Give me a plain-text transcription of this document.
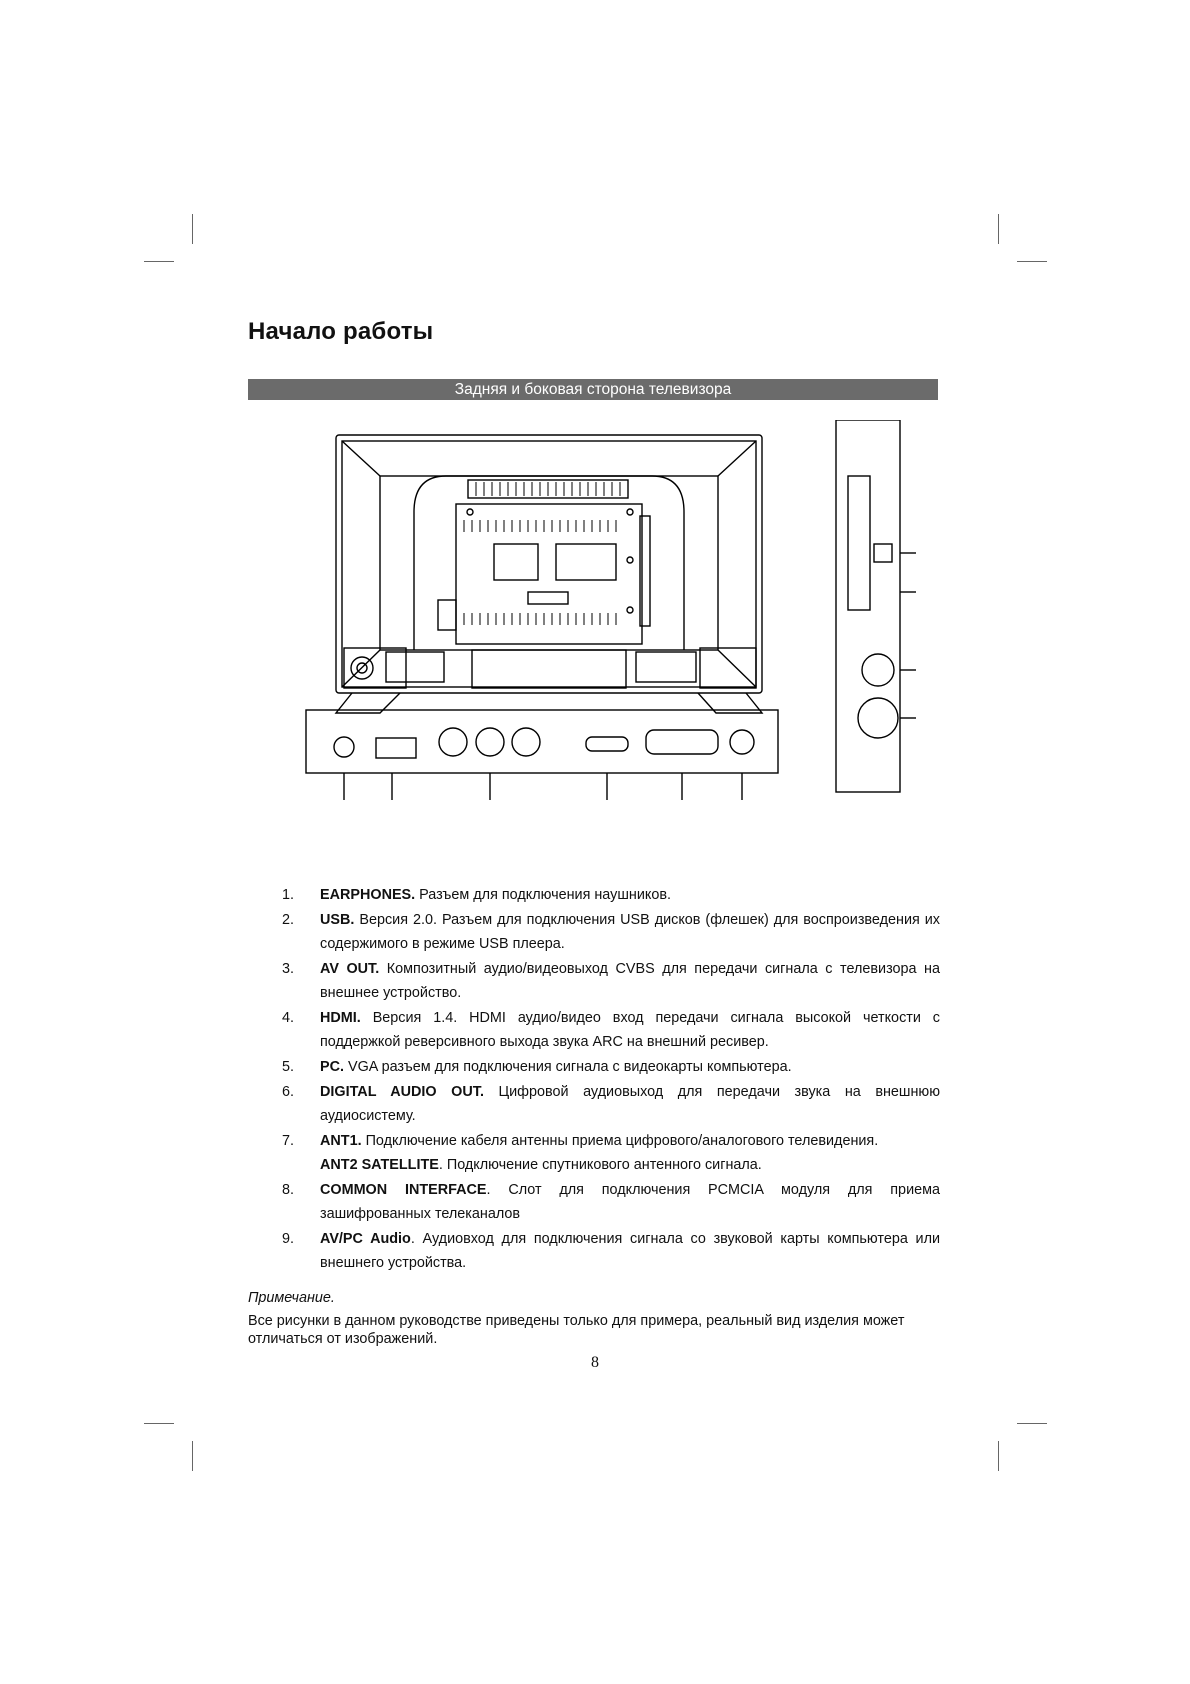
Начало работы
Задняя и боковая сторона телевизора
1. EARPHONES. Разъем для подключения наушников.
2. USB. Версия 2.0. Разъем для подключения USB дисков (флешек) для воспроизведения их содержимого в режиме USB плеера.
3. AV OUT. Композитный аудио/видеовыход CVBS для передачи сигнала с телевизора на внешнее устройство.
4. HDMI. Версия 1.4. HDMI аудио/видео вход передачи сигнала высокой четкости с поддержкой реверсивного выхода звука ARC на внешний ресивер.
5. PC. VGA разъем для подключения сигнала с видеокарты компьютера.
6. DIGITAL AUDIO OUT. Цифровой аудиовыход для передачи звука на внешнюю аудиосистему.
7. ANT1. Подключение кабеля антенны приема цифрового/аналогового телевидения.
ANT2 SATELLITE. Подключение спутникового антенного сигнала.
8. COMMON INTERFACE. Слот для подключения PCMCIA модуля для приема зашифрованных телеканалов
9. AV/PC Audio. Аудиовход для подключения сигнала со звуковой карты компьютера или внешнего устройства.
Примечание.
Все рисунки в данном руководстве приведены только для примера, реальный вид изделия может отличаться от изображений.
8
